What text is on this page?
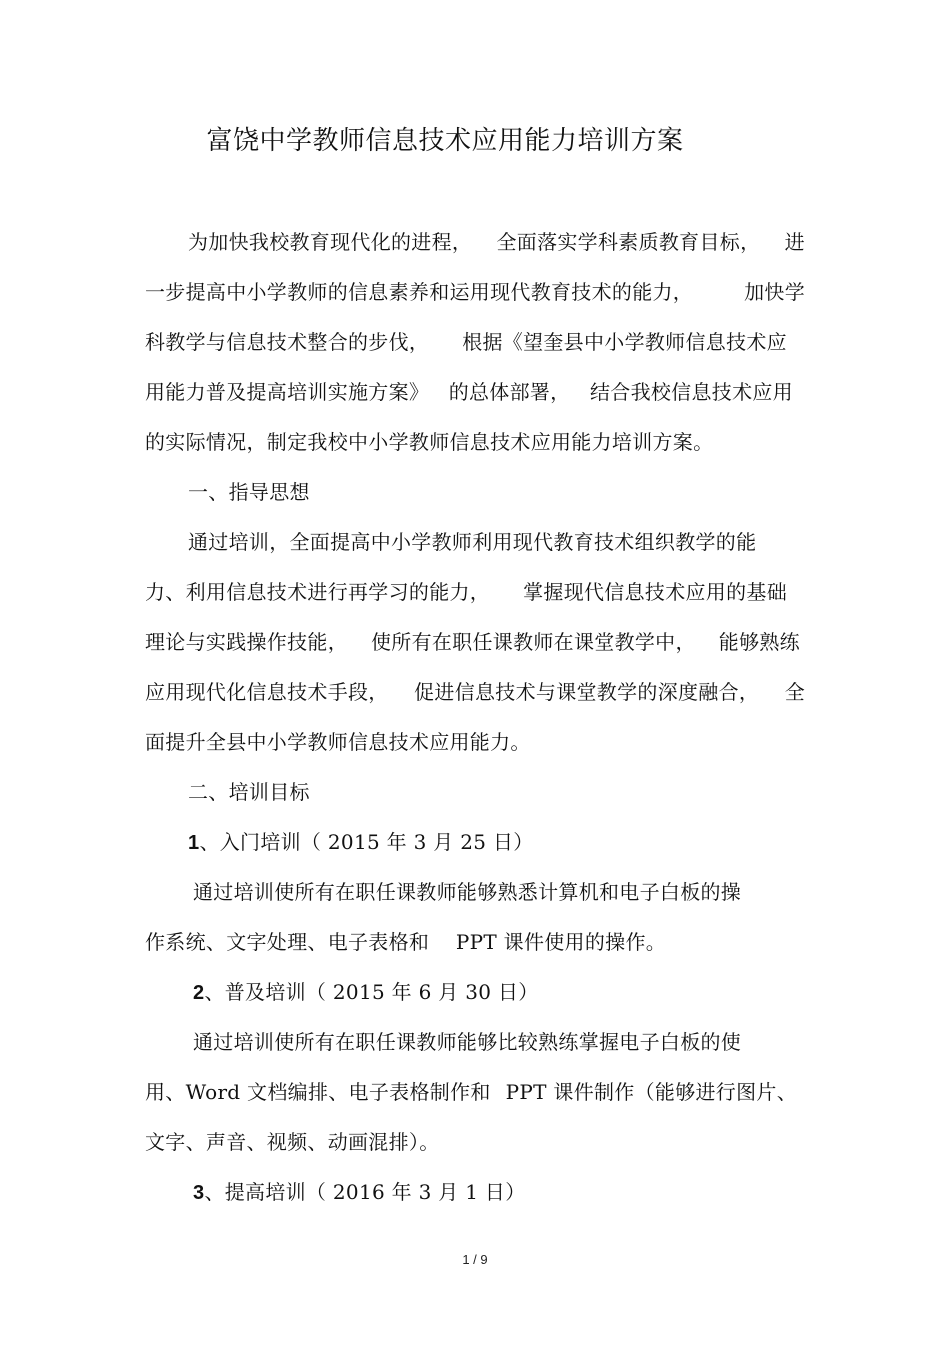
富饶中学教师信息技术应用能力培训方案
为加快我校教育现代化的进程， 全面落实学科素质教育目标， 进
一步提高中小学教师的信息素养和运用现代教育技术的能力，	加快学
科教学与信息技术整合的步伐， 根据《望奎县中小学教师信息技术应
用能力普及提高培训实施方案》 的总体部署， 结合我校信息技术应用
的实际情况，制定我校中小学教师信息技术应用能力培训方案。
一、指导思想
通过培训，全面提高中小学教师利用现代教育技术组织教学的能
力、利用信息技术进行再学习的能力， 掌握现代信息技术应用的基础
理论与实践操作技能， 使所有在职任课教师在课堂教学中， 能够熟练
应用现代化信息技术手段， 促进信息技术与课堂教学的深度融合， 全
面提升全县中小学教师信息技术应用能力。
二、培训目标
1、入门培训（ 2015 年 3 月 25 日）
通过培训使所有在职任课教师能够熟悉计算机和电子白板的操
作系统、文字处理、电子表格和    PPT 课件使用的操作。
2、普及培训（ 2015 年 6 月 30 日）
通过培训使所有在职任课教师能够比较熟练掌握电子白板的使
用、Word 文档编排、电子表格制作和 PPT 课件制作（能够进行图片、
文字、声音、视频、动画混排）。
3、提高培训（ 2016 年 3 月 1 日）
1 / 9
